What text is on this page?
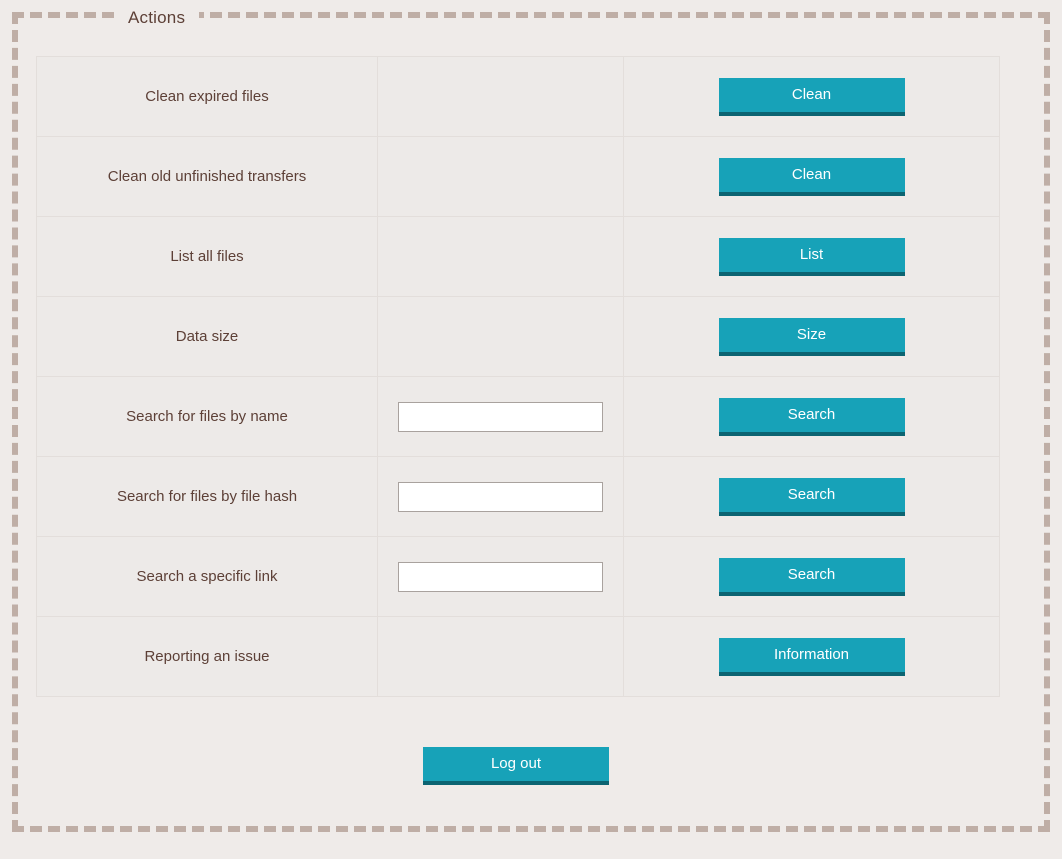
Actions
Clean expired files		Clean
Clean old unfinished transfers		Clean
List all files		List
Data size		Size
Search for files by name		Search
Search for files by file hash		Search
Search a specific link		Search
Reporting an issue		Information
Log out
